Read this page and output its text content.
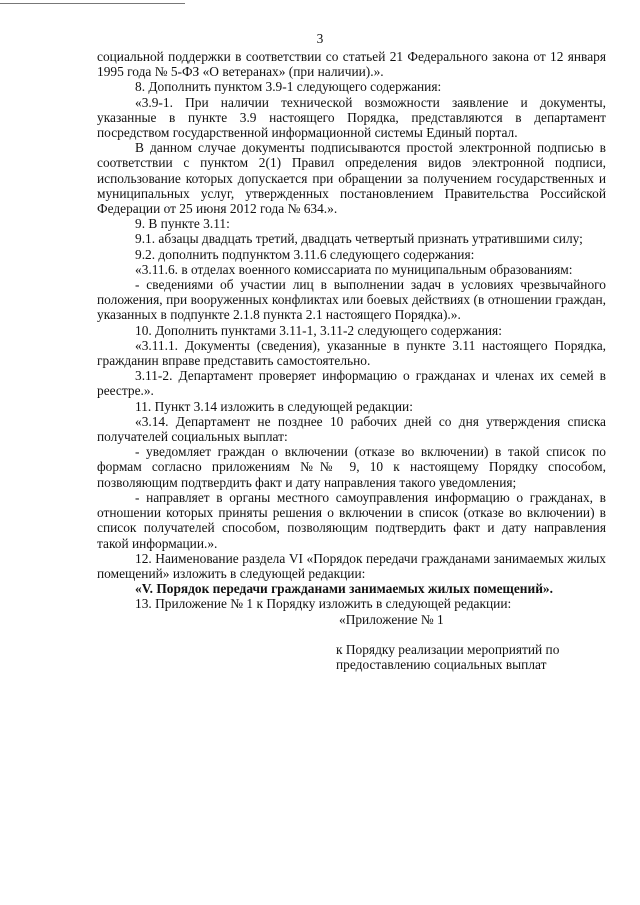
3

социальной поддержки в соответствии со статьей 21 Федерального закона от 12 января 1995 года № 5-ФЗ «О ветеранах» (при наличии).».

8. Дополнить пунктом 3.9-1 следующего содержания:

«3.9-1. При наличии технической возможности заявление и документы, указанные в пункте 3.9 настоящего Порядка, представляются в департамент посредством государственной информационной системы Единый портал.

В данном случае документы подписываются простой электронной подписью в соответствии с пунктом 2(1) Правил определения видов электронной подписи, использование которых допускается при обращении за получением государственных и муниципальных услуг, утвержденных постановлением Правительства Российской Федерации от 25 июня 2012 года № 634.».

9. В пункте 3.11:

9.1. абзацы двадцать третий, двадцать четвертый признать утратившими силу;

9.2. дополнить подпунктом 3.11.6 следующего содержания:

«3.11.6. в отделах военного комиссариата по муниципальным образованиям:

- сведениями об участии лиц в выполнении задач в условиях чрезвычайного положения, при вооруженных конфликтах или боевых действиях (в отношении граждан, указанных в подпункте 2.1.8 пункта 2.1 настоящего Порядка).».

10. Дополнить пунктами 3.11-1, 3.11-2 следующего содержания:

«3.11.1. Документы (сведения), указанные в пункте 3.11 настоящего Порядка, гражданин вправе представить самостоятельно.

3.11-2. Департамент проверяет информацию о гражданах и членах их семей в реестре.».

11. Пункт 3.14 изложить в следующей редакции:

«3.14. Департамент не позднее 10 рабочих дней со дня утверждения списка получателей социальных выплат:

- уведомляет граждан о включении (отказе во включении) в такой список по формам согласно приложениям №№ 9, 10 к настоящему Порядку способом, позволяющим подтвердить факт и дату направления такого уведомления;

- направляет в органы местного самоуправления информацию о гражданах, в отношении которых приняты решения о включении в список (отказе во включении) в список получателей способом, позволяющим подтвердить факт и дату направления такой информации.».

12. Наименование раздела VI «Порядок передачи гражданами занимаемых жилых помещений» изложить в следующей редакции:

«V. Порядок передачи гражданами занимаемых жилых помещений».

13. Приложение № 1 к Порядку изложить в следующей редакции:

«Приложение № 1

к Порядку реализации мероприятий по предоставлению социальных выплат
